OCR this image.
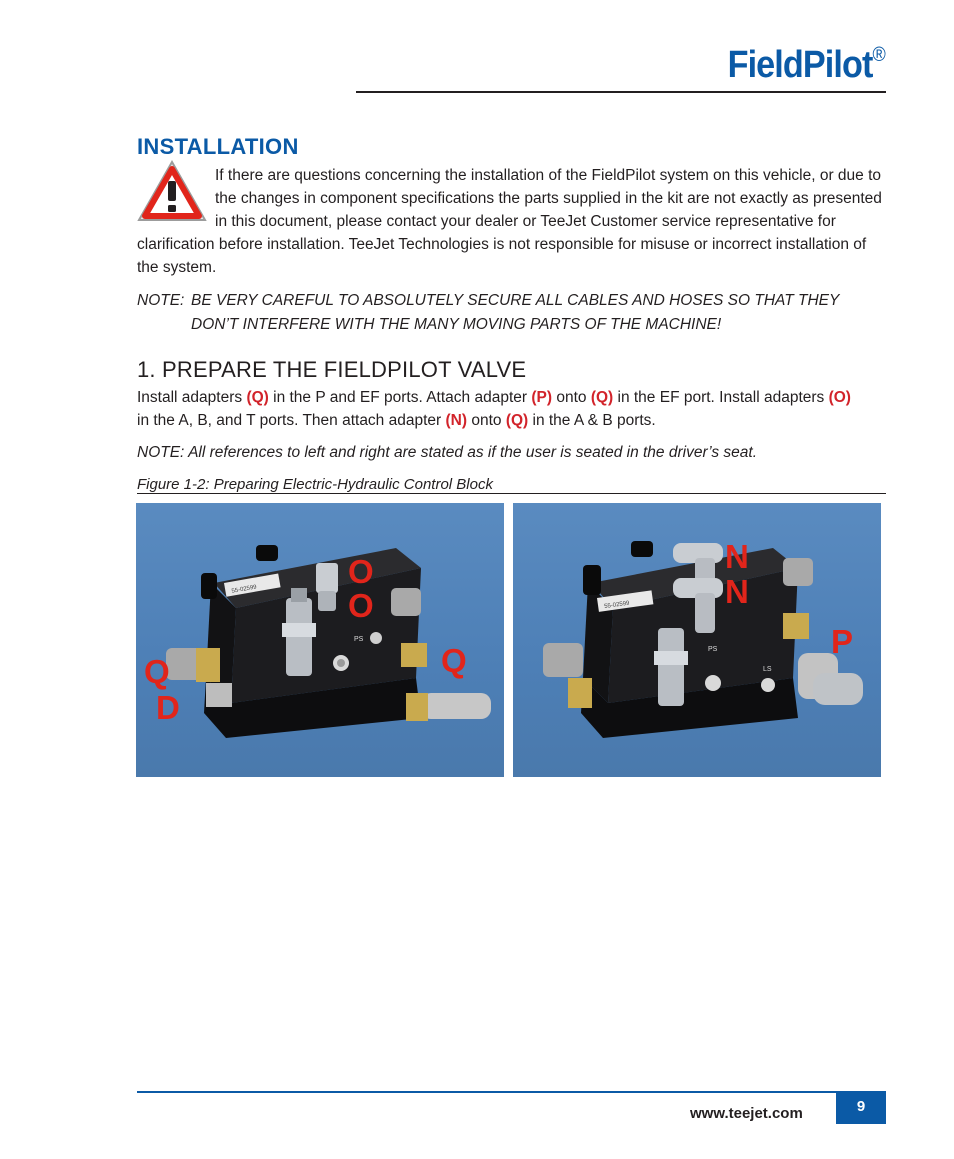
FieldPilot®
INSTALLATION
If there are questions concerning the installation of the FieldPilot system on this vehicle, or due to
the changes in component specifications the parts supplied in the kit are not exactly as presented
in this document, please contact your dealer or TeeJet Customer service representative for
clarification before installation. TeeJet Technologies is not responsible for misuse or incorrect installation of
the system.
NOTE: BE VERY CAREFUL TO ABSOLUTELY SECURE ALL CABLES AND HOSES SO THAT THEY
DON’T INTERFERE WITH THE MANY MOVING PARTS OF THE MACHINE!
1. PREPARE THE FIELDPILOT VALVE
Install adapters (Q) in the P and EF ports. Attach adapter (P) onto (Q) in the EF port. Install adapters (O)
in the A, B, and T ports. Then attach adapter (N) onto (Q) in the A & B ports.
NOTE: All references to left and right are stated as if the user is seated in the driver’s seat.
Figure 1-2: Preparing Electric-Hydraulic Control Block
55-02599
PS
O
O
Q
Q
D
55-02599
PS
LS
N
N
P
www.teejet.com	9
